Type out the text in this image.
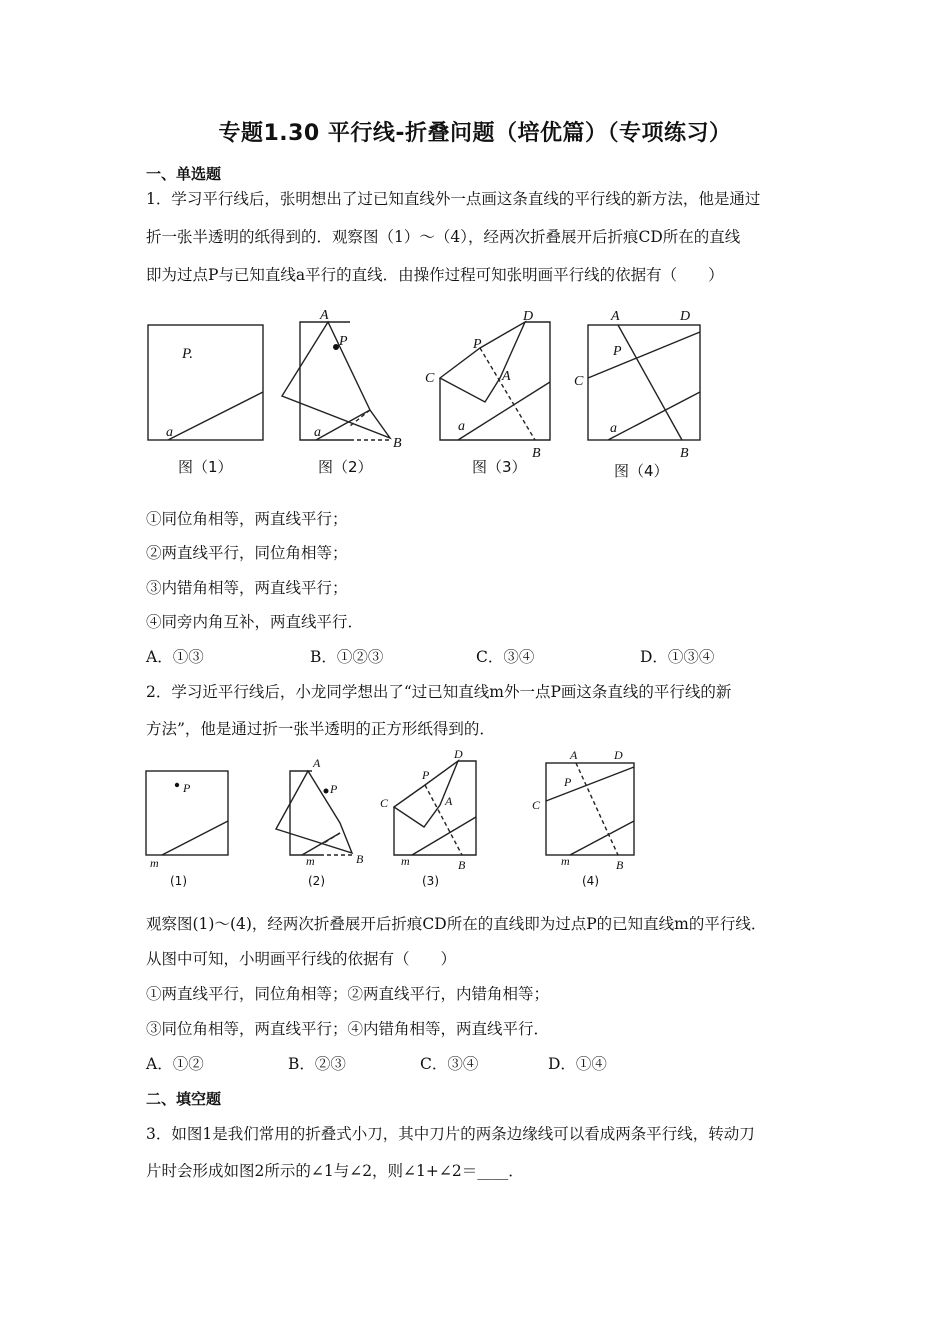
专题1.30 平行线-折叠问题（培优篇）（专项练习）
一、单选题
1．学习平行线后，张明想出了过已知直线外一点画这条直线的平行线的新方法，他是通过
折一张半透明的纸得到的．观察图（1）～（4），经两次折叠展开后折痕CD所在的直线
即为过点P与已知直线a平行的直线．由操作过程可知张明画平行线的依据有（　　）
P.
a
图（1）
A
P
a
B
图（2）
C
P
A
D
a
B
图（3）
A	D
P
C
a
B
图（4）
①同位角相等，两直线平行；
②两直线平行，同位角相等；
③内错角相等，两直线平行；
④同旁内角互补，两直线平行．
A．①③	B．①②③	C．③④	D．①③④
2．学习近平行线后，小龙同学想出了“过已知直线m外一点P画这条直线的平行线的新
方法”，他是通过折一张半透明的正方形纸得到的．
P
m
(1)
A
P
m	B
(2)
C
P
A
D
m	B
(3)
A	D
P
C
m	B
(4)
观察图(1)～(4)，经两次折叠展开后折痕CD所在的直线即为过点P的已知直线m的平行线．
从图中可知，小明画平行线的依据有（　　）
①两直线平行，同位角相等；②两直线平行，内错角相等；
③同位角相等，两直线平行；④内错角相等，两直线平行．
A．①②	B．②③	C．③④	D．①④
二、填空题
3．如图1是我们常用的折叠式小刀，其中刀片的两条边缘线可以看成两条平行线，转动刀
片时会形成如图2所示的∠1与∠2，则∠1+∠2＝____．
